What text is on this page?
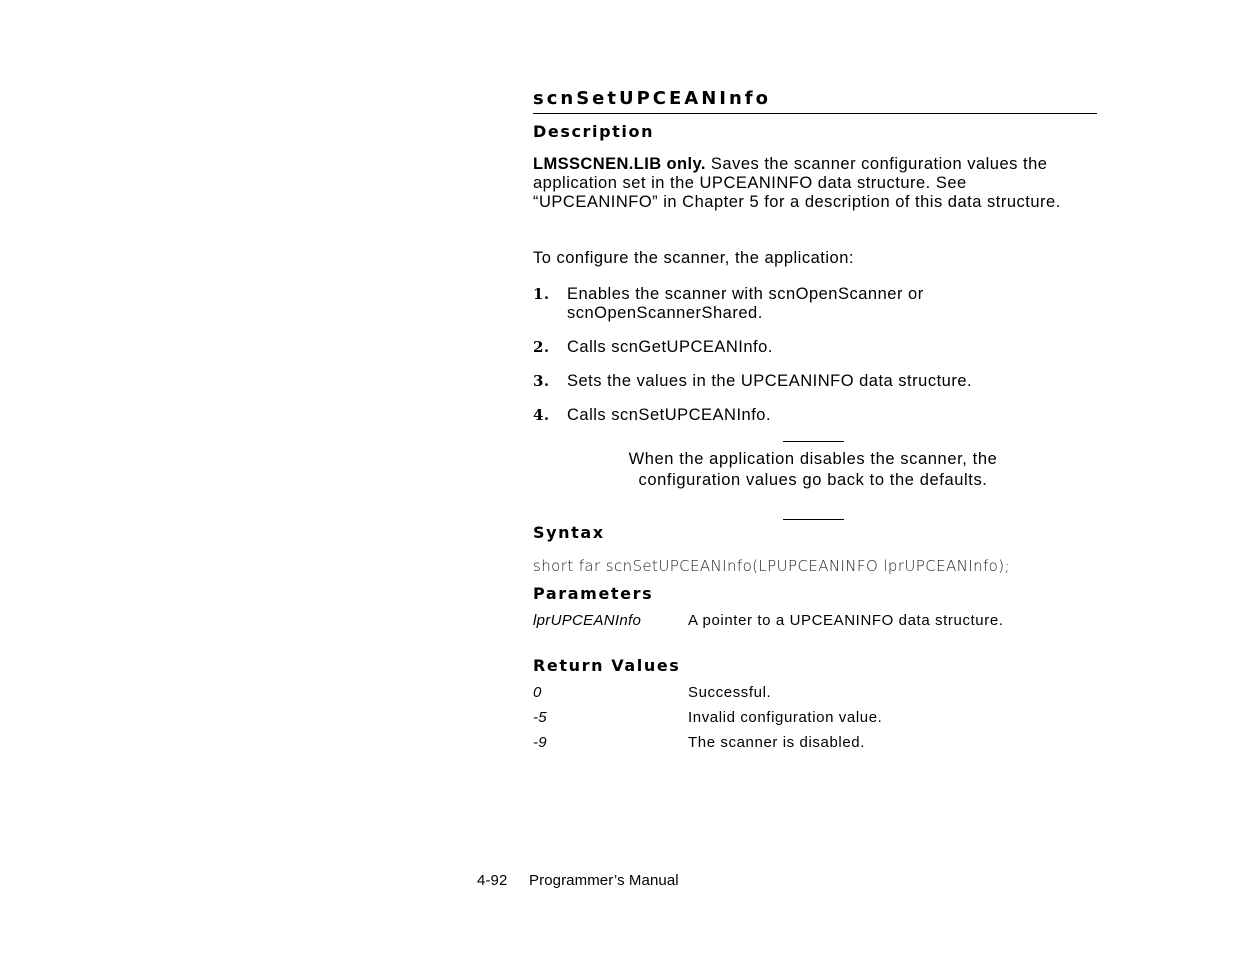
scnSetUPCEANInfo
Description
LMSSCNEN.LIB only. Saves the scanner configuration values the application set in the UPCEANINFO data structure. See “UPCEANINFO” in Chapter 5 for a description of this data structure.
To configure the scanner, the application:
1. Enables the scanner with scnOpenScanner or scnOpenScannerShared.
2. Calls scnGetUPCEANInfo.
3. Sets the values in the UPCEANINFO data structure.
4. Calls scnSetUPCEANInfo.
When the application disables the scanner, the configuration values go back to the defaults.
Syntax
short far scnSetUPCEANInfo(LPUPCEANINFO lprUPCEANInfo);
Parameters
lprUPCEANInfo	A pointer to a UPCEANINFO data structure.
Return Values
0	Successful.
-5	Invalid configuration value.
-9	The scanner is disabled.
4-92 Programmer’s Manual
